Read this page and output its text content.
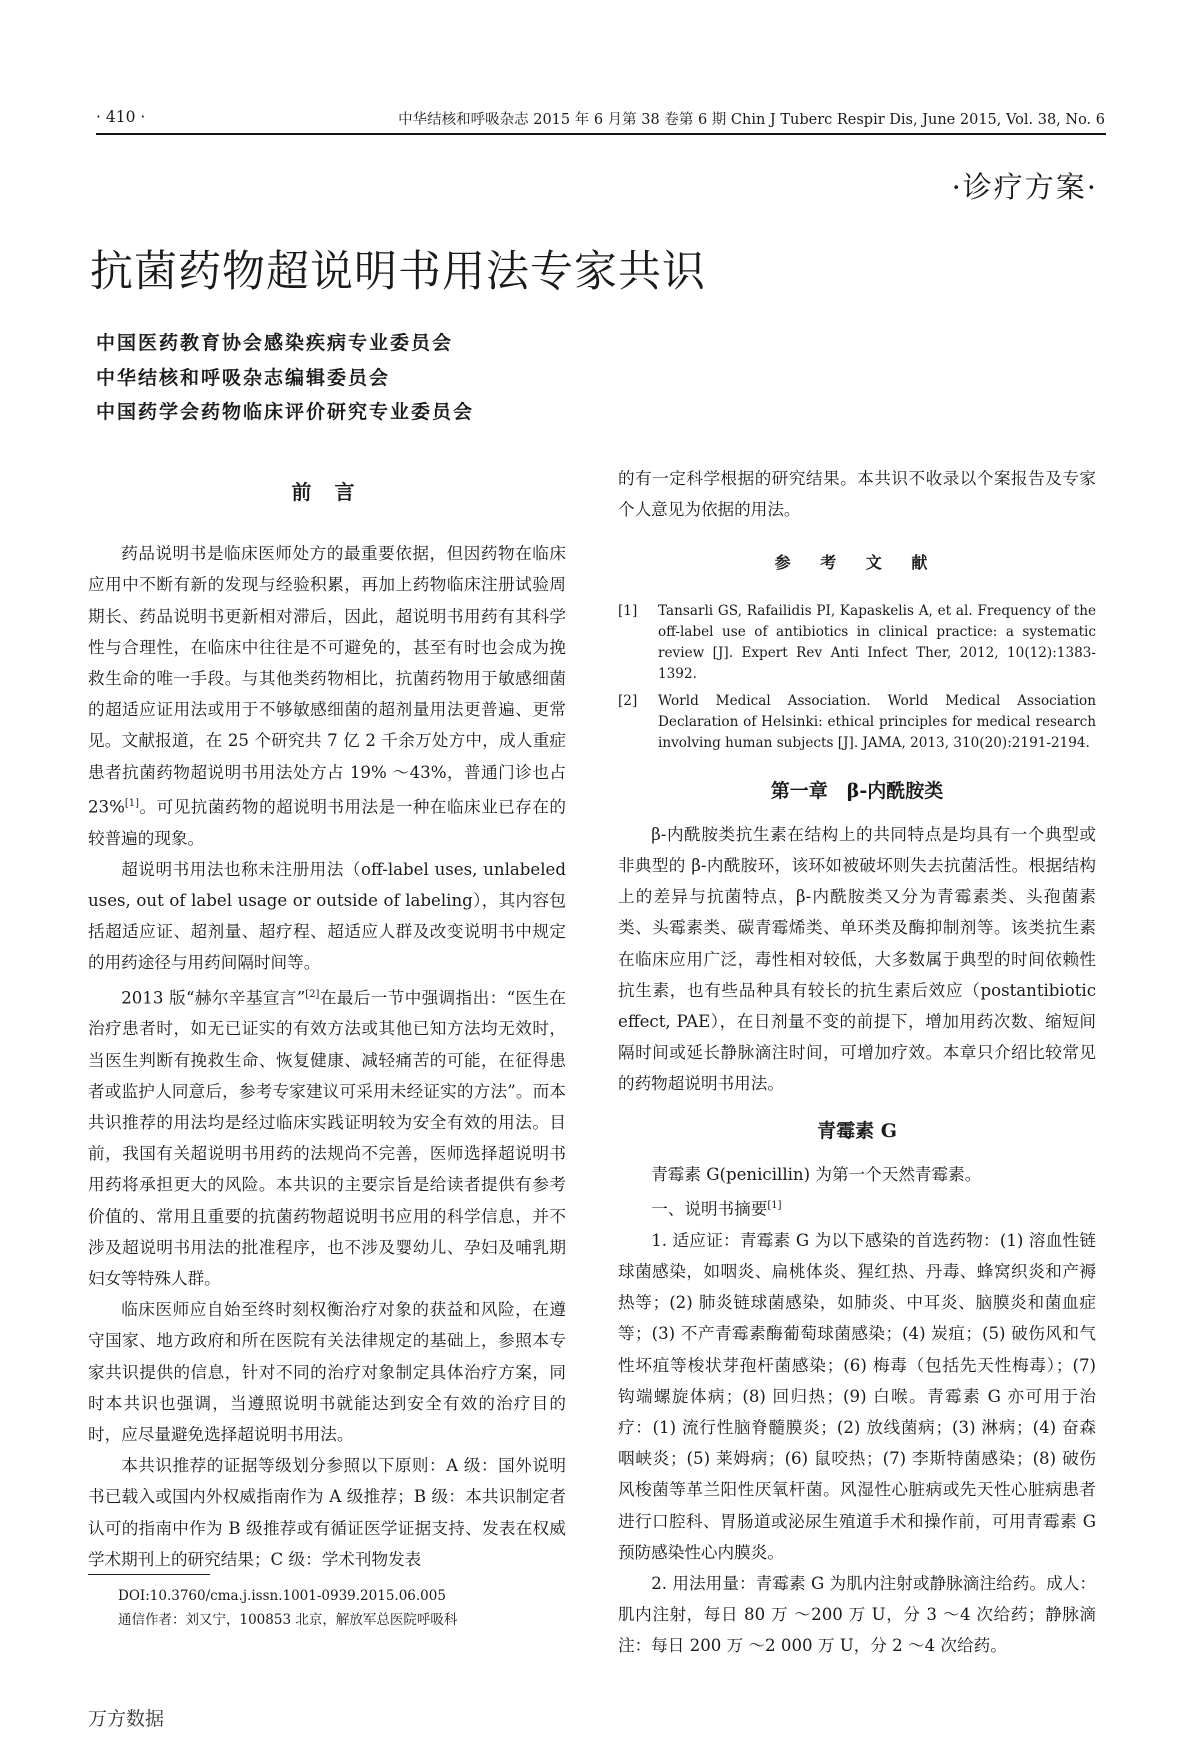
· 410 ·	中华结核和呼吸杂志 2015 年 6 月第 38 卷第 6 期 Chin J Tuberc Respir Dis, June 2015, Vol. 38, No. 6
·诊疗方案·
抗菌药物超说明书用法专家共识
中国医药教育协会感染疾病专业委员会
中华结核和呼吸杂志编辑委员会
中国药学会药物临床评价研究专业委员会
前 言

药品说明书是临床医师处方的最重要依据，但因药物在临床应用中不断有新的发现与经验积累，再加上药物临床注册试验周期长、药品说明书更新相对滞后，因此，超说明书用药有其科学性与合理性，在临床中往往是不可避免的，甚至有时也会成为挽救生命的唯一手段。与其他类药物相比，抗菌药物用于敏感细菌的超适应证用法或用于不够敏感细菌的超剂量用法更普遍、更常见。文献报道，在 25 个研究共 7 亿 2 千余万处方中，成人重症患者抗菌药物超说明书用法处方占 19% ～43%，普通门诊也占 23%[1]。可见抗菌药物的超说明书用法是一种在临床业已存在的较普遍的现象。

超说明书用法也称未注册用法（off-label uses, unlabeled uses, out of label usage or outside of labeling），其内容包括超适应证、超剂量、超疗程、超适应人群及改变说明书中规定的用药途径与用药间隔时间等。

2013 版“赫尔辛基宣言”[2]在最后一节中强调指出：“医生在治疗患者时，如无已证实的有效方法或其他已知方法均无效时，当医生判断有挽救生命、恢复健康、减轻痛苦的可能，在征得患者或监护人同意后，参考专家建议可采用未经证实的方法”。而本共识推荐的用法均是经过临床实践证明较为安全有效的用法。目前，我国有关超说明书用药的法规尚不完善，医师选择超说明书用药将承担更大的风险。本共识的主要宗旨是给读者提供有参考价值的、常用且重要的抗菌药物超说明书应用的科学信息，并不涉及超说明书用法的批准程序，也不涉及婴幼儿、孕妇及哺乳期妇女等特殊人群。

临床医师应自始至终时刻权衡治疗对象的获益和风险，在遵守国家、地方政府和所在医院有关法律规定的基础上，参照本专家共识提供的信息，针对不同的治疗对象制定具体治疗方案，同时本共识也强调，当遵照说明书就能达到安全有效的治疗目的时，应尽量避免选择超说明书用法。

本共识推荐的证据等级划分参照以下原则：A 级：国外说明书已载入或国内外权威指南作为 A 级推荐；B 级：本共识制定者认可的指南中作为 B 级推荐或有循证医学证据支持、发表在权威学术期刊上的研究结果；C 级：学术刊物发表

DOI:10.3760/cma.j.issn.1001-0939.2015.06.005
通信作者：刘又宁，100853 北京，解放军总医院呼吸科
万方数据

的有一定科学根据的研究结果。本共识不收录以个案报告及专家个人意见为依据的用法。

参 考 文 献
[1]	Tansarli GS, Rafailidis PI, Kapaskelis A, et al. Frequency of the off-label use of antibiotics in clinical practice: a systematic review [J]. Expert Rev Anti Infect Ther, 2012, 10(12):1383-1392.
[2]	World Medical Association. World Medical Association Declaration of Helsinki: ethical principles for medical research involving human subjects [J]. JAMA, 2013, 310(20):2191-2194.
第一章　β-内酰胺类

β-内酰胺类抗生素在结构上的共同特点是均具有一个典型或非典型的 β-内酰胺环，该环如被破坏则失去抗菌活性。根据结构上的差异与抗菌特点，β-内酰胺类又分为青霉素类、头孢菌素类、头霉素类、碳青霉烯类、单环类及酶抑制剂等。该类抗生素在临床应用广泛，毒性相对较低，大多数属于典型的时间依赖性抗生素，也有些品种具有较长的抗生素后效应（postantibiotic effect, PAE），在日剂量不变的前提下，增加用药次数、缩短间隔时间或延长静脉滴注时间，可增加疗效。本章只介绍比较常见的药物超说明书用法。

青霉素 G

青霉素 G(penicillin) 为第一个天然青霉素。

一、说明书摘要[1]

1. 适应证：青霉素 G 为以下感染的首选药物：(1) 溶血性链球菌感染，如咽炎、扁桃体炎、猩红热、丹毒、蜂窝织炎和产褥热等；(2) 肺炎链球菌感染，如肺炎、中耳炎、脑膜炎和菌血症等；(3) 不产青霉素酶葡萄球菌感染；(4) 炭疽；(5) 破伤风和气性坏疽等梭状芽孢杆菌感染；(6) 梅毒（包括先天性梅毒）；(7) 钩端螺旋体病；(8) 回归热；(9) 白喉。青霉素 G 亦可用于治疗：(1) 流行性脑脊髓膜炎；(2) 放线菌病；(3) 淋病；(4) 奋森咽峡炎；(5) 莱姆病；(6) 鼠咬热；(7) 李斯特菌感染；(8) 破伤风梭菌等革兰阳性厌氧杆菌。风湿性心脏病或先天性心脏病患者进行口腔科、胃肠道或泌尿生殖道手术和操作前，可用青霉素 G 预防感染性心内膜炎。

2. 用法用量：青霉素 G 为肌内注射或静脉滴注给药。成人：肌内注射，每日 80 万 ～200 万 U，分 3 ～4 次给药；静脉滴注：每日 200 万 ～2 000 万 U，分 2 ～4 次给药。
